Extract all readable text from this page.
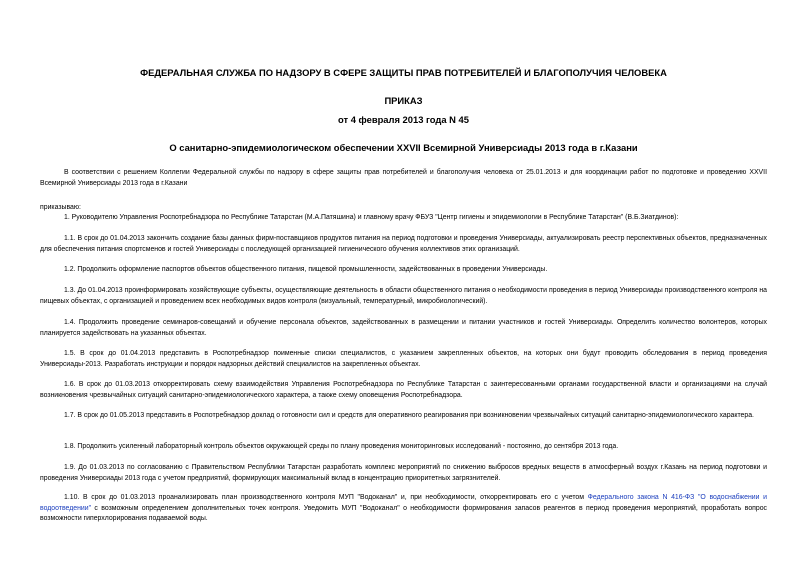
ФЕДЕРАЛЬНАЯ СЛУЖБА ПО НАДЗОРУ В СФЕРЕ ЗАЩИТЫ ПРАВ ПОТРЕБИТЕЛЕЙ И БЛАГОПОЛУЧИЯ ЧЕЛОВЕКА
ПРИКАЗ
от 4 февраля 2013 года N 45
О санитарно-эпидемиологическом обеспечении XXVII Всемирной Универсиады 2013 года в г.Казани
В соответствии с решением Коллегии Федеральной службы по надзору в сфере защиты прав потребителей и благополучия человека от 25.01.2013 и для координации работ по подготовке и проведению XXVII Всемирной Универсиады 2013 года в г.Казани
приказываю:
1. Руководителю Управления Роспотребнадзора по Республике Татарстан (М.А.Патяшина) и главному врачу ФБУЗ "Центр гигиены и эпидемиологии в Республике Татарстан" (В.Б.Зиатдинов):
1.1. В срок до 01.04.2013 закончить создание базы данных фирм-поставщиков продуктов питания на период подготовки и проведения Универсиады, актуализировать реестр перспективных объектов, предназначенных для обеспечения питания спортсменов и гостей Универсиады с последующей организацией гигиенического обучения коллективов этих организаций.
1.2. Продолжить оформление паспортов объектов общественного питания, пищевой промышленности, задействованных в проведении Универсиады.
1.3. До 01.04.2013 проинформировать хозяйствующие субъекты, осуществляющие деятельность в области общественного питания о необходимости проведения в период Универсиады производственного контроля на пищевых объектах, с организацией и проведением всех необходимых видов контроля (визуальный, температурный, микробиологический).
1.4. Продолжить проведение семинаров-совещаний и обучение персонала объектов, задействованных в размещении и питании участников и гостей Универсиады. Определить количество волонтеров, которых планируется задействовать на указанных объектах.
1.5. В срок до 01.04.2013 представить в Роспотребнадзор поименные списки специалистов, с указанием закрепленных объектов, на которых они будут проводить обследования в период проведения Универсиады-2013. Разработать инструкции и порядок надзорных действий специалистов на закрепленных объектах.
1.6. В срок до 01.03.2013 откорректировать схему взаимодействия Управления Роспотребнадзора по Республике Татарстан с заинтересованными органами государственной власти и организациями на случай возникновения чрезвычайных ситуаций санитарно-эпидемиологического характера, а также схему оповещения Роспотребнадзора.
1.7. В срок до 01.05.2013 представить в Роспотребнадзор доклад о готовности сил и средств для оперативного реагирования при возникновении чрезвычайных ситуаций санитарно-эпидемиологического характера.
1.8. Продолжить усиленный лабораторный контроль объектов окружающей среды по плану проведения мониторинговых исследований - постоянно, до сентября 2013 года.
1.9. До 01.03.2013 по согласованию с Правительством Республики Татарстан разработать комплекс мероприятий по снижению выбросов вредных веществ в атмосферный воздух г.Казань на период подготовки и проведения Универсиады 2013 года с учетом предприятий, формирующих максимальный вклад в концентрацию приоритетных загрязнителей.
1.10. В срок до 01.03.2013 проанализировать план производственного контроля МУП "Водоканал" и, при необходимости, откорректировать его с учетом Федерального закона N 416-ФЗ "О водоснабжении и водоотведении" с возможным определением дополнительных точек контроля. Уведомить МУП "Водоканал" о необходимости формирования запасов реагентов в период проведения мероприятий, проработать вопрос возможности гиперхлорирования подаваемой воды.
